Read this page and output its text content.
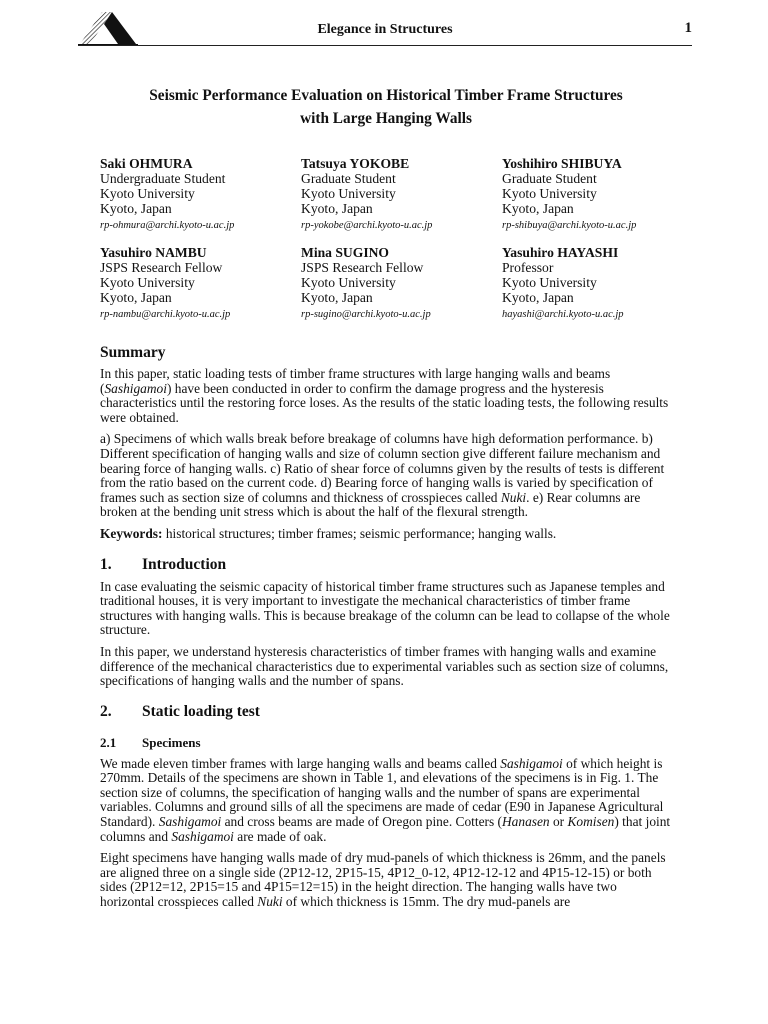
Elegance in Structures	1
Seismic Performance Evaluation on Historical Timber Frame Structures
with Large Hanging Walls
Saki OHMURA
Undergraduate Student
Kyoto University
Kyoto, Japan
rp-ohmura@archi.kyoto-u.ac.jp
Tatsuya YOKOBE
Graduate Student
Kyoto University
Kyoto, Japan
rp-yokobe@archi.kyoto-u.ac.jp
Yoshihiro SHIBUYA
Graduate Student
Kyoto University
Kyoto, Japan
rp-shibuya@archi.kyoto-u.ac.jp
Yasuhiro NAMBU
JSPS Research Fellow
Kyoto University
Kyoto, Japan
rp-nambu@archi.kyoto-u.ac.jp
Mina SUGINO
JSPS Research Fellow
Kyoto University
Kyoto, Japan
rp-sugino@archi.kyoto-u.ac.jp
Yasuhiro HAYASHI
Professor
Kyoto University
Kyoto, Japan
hayashi@archi.kyoto-u.ac.jp
Summary

In this paper, static loading tests of timber frame structures with large hanging walls and beams (Sashigamoi) have been conducted in order to confirm the damage progress and the hysteresis characteristics until the restoring force loses. As the results of the static loading tests, the following results were obtained.

a) Specimens of which walls break before breakage of columns have high deformation performance. b) Different specification of hanging walls and size of column section give different failure mechanism and bearing force of hanging walls. c) Ratio of shear force of columns given by the results of tests is different from the ratio based on the current code. d) Bearing force of hanging walls is varied by specification of frames such as section size of columns and thickness of crosspieces called Nuki. e) Rear columns are broken at the bending unit stress which is about the half of the flexural strength.

Keywords: historical structures; timber frames; seismic performance; hanging walls.

1. Introduction

In case evaluating the seismic capacity of historical timber frame structures such as Japanese temples and traditional houses, it is very important to investigate the mechanical characteristics of timber frame structures with hanging walls. This is because breakage of the column can be lead to collapse of the whole structure.

In this paper, we understand hysteresis characteristics of timber frames with hanging walls and examine difference of the mechanical characteristics due to experimental variables such as section size of columns, specifications of hanging walls and the number of spans.

2. Static loading test
2.1 Specimens

We made eleven timber frames with large hanging walls and beams called Sashigamoi of which height is 270mm. Details of the specimens are shown in Table 1, and elevations of the specimens is in Fig. 1. The section size of columns, the specification of hanging walls and the number of spans are experimental variables. Columns and ground sills of all the specimens are made of cedar (E90 in Japanese Agricultural Standard). Sashigamoi and cross beams are made of Oregon pine. Cotters (Hanasen or Komisen) that joint columns and Sashigamoi are made of oak.

Eight specimens have hanging walls made of dry mud-panels of which thickness is 26mm, and the panels are aligned three on a single side (2P12-12, 2P15-15, 4P12_0-12, 4P12-12-12 and 4P15-12-15) or both sides (2P12=12, 2P15=15 and 4P15=12=15) in the height direction. The hanging walls have two horizontal crosspieces called Nuki of which thickness is 15mm. The dry mud-panels are
